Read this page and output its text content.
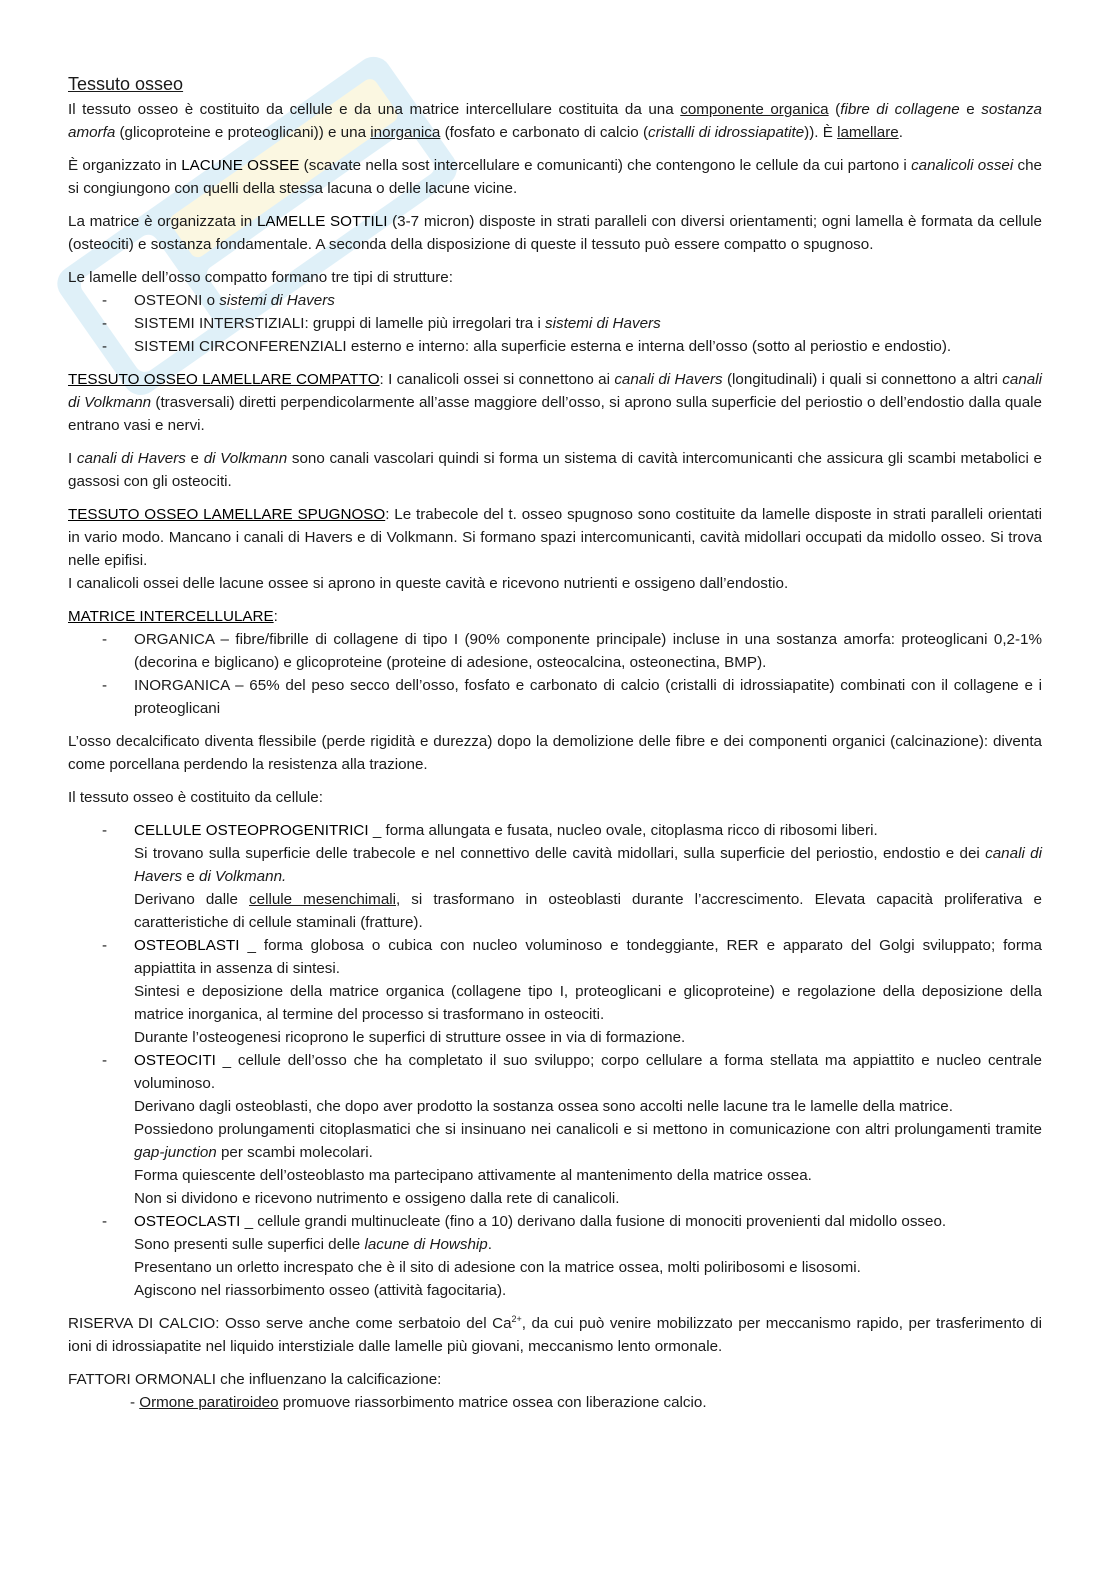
Tessuto osseo

Il tessuto osseo è costituito da cellule e da una matrice intercellulare costituita da una componente organica (fibre di collagene e sostanza amorfa (glicoproteine e proteoglicani)) e una inorganica (fosfato e carbonato di calcio (cristalli di idrossiapatite)). È lamellare.

È organizzato in LACUNE OSSEE (scavate nella sost intercellulare e comunicanti) che contengono le cellule da cui partono i canalicoli ossei che si congiungono con quelli della stessa lacuna o delle lacune vicine.

La matrice è organizzata in LAMELLE SOTTILI (3-7 micron) disposte in strati paralleli con diversi orientamenti; ogni lamella è formata da cellule (osteociti) e sostanza fondamentale. A seconda della disposizione di queste il tessuto può essere compatto o spugnoso.

Le lamelle dell’osso compatto formano tre tipi di strutture:

- OSTEONI o sistemi di Havers
- SISTEMI INTERSTIZIALI: gruppi di lamelle più irregolari tra i sistemi di Havers
- SISTEMI CIRCONFERENZIALI esterno e interno: alla superficie esterna e interna dell’osso (sotto al periostio e endostio).

TESSUTO OSSEO LAMELLARE COMPATTO: I canalicoli ossei si connettono ai canali di Havers (longitudinali) i quali si connettono a altri canali di Volkmann (trasversali) diretti perpendicolarmente all’asse maggiore dell’osso, si aprono sulla superficie del periostio o dell’endostio dalla quale entrano vasi e nervi.

I canali di Havers e di Volkmann sono canali vascolari quindi si forma un sistema di cavità intercomunicanti che assicura gli scambi metabolici e gassosi con gli osteociti.

TESSUTO OSSEO LAMELLARE SPUGNOSO: Le trabecole del t. osseo spugnoso sono costituite da lamelle disposte in strati paralleli orientati in vario modo. Mancano i canali di Havers e di Volkmann. Si formano spazi intercomunicanti, cavità midollari occupati da midollo osseo. Si trova nelle epifisi.

I canalicoli ossei delle lacune ossee si aprono in queste cavità e ricevono nutrienti e ossigeno dall’endostio.

MATRICE INTERCELLULARE:

- ORGANICA – fibre/fibrille di collagene di tipo I (90% componente principale) incluse in una sostanza amorfa: proteoglicani 0,2-1% (decorina e biglicano) e glicoproteine (proteine di adesione, osteocalcina, osteonectina, BMP).
- INORGANICA – 65% del peso secco dell’osso, fosfato e carbonato di calcio (cristalli di idrossiapatite) combinati con il collagene e i proteoglicani

L’osso decalcificato diventa flessibile (perde rigidità e durezza) dopo la demolizione delle fibre e dei componenti organici (calcinazione): diventa come porcellana perdendo la resistenza alla trazione.

Il tessuto osseo è costituito da cellule:

- CELLULE OSTEOPROGENITRICI _ forma allungata e fusata, nucleo ovale, citoplasma ricco di ribosomi liberi.
Si trovano sulla superficie delle trabecole e nel connettivo delle cavità midollari, sulla superficie del periostio, endostio e dei canali di Havers e di Volkmann.
Derivano dalle cellule mesenchimali, si trasformano in osteoblasti durante l’accrescimento. Elevata capacità proliferativa e caratteristiche di cellule staminali (fratture).
- OSTEOBLASTI _ forma globosa o cubica con nucleo voluminoso e tondeggiante, RER e apparato del Golgi sviluppato; forma appiattita in assenza di sintesi.
Sintesi e deposizione della matrice organica (collagene tipo I, proteoglicani e glicoproteine) e regolazione della deposizione della matrice inorganica, al termine del processo si trasformano in osteociti.
Durante l’osteogenesi ricoprono le superfici di strutture ossee in via di formazione.
- OSTEOCITI _ cellule dell’osso che ha completato il suo sviluppo; corpo cellulare a forma stellata ma appiattito e nucleo centrale voluminoso.
Derivano dagli osteoblasti, che dopo aver prodotto la sostanza ossea sono accolti nelle lacune tra le lamelle della matrice.
Possiedono prolungamenti citoplasmatici che si insinuano nei canalicoli e si mettono in comunicazione con altri prolungamenti tramite gap-junction per scambi molecolari.
Forma quiescente dell’osteoblasto ma partecipano attivamente al mantenimento della matrice ossea.
Non si dividono e ricevono nutrimento e ossigeno dalla rete di canalicoli.
- OSTEOCLASTI _ cellule grandi multinucleate (fino a 10) derivano dalla fusione di monociti provenienti dal midollo osseo.
Sono presenti sulle superfici delle lacune di Howship.
Presentano un orletto increspato che è il sito di adesione con la matrice ossea, molti poliribosomi e lisosomi.
Agiscono nel riassorbimento osseo (attività fagocitaria).

RISERVA DI CALCIO: Osso serve anche come serbatoio del $Ca^{2+}$, da cui può venire mobilizzato per meccanismo rapido, per trasferimento di ioni di idrossiapatite nel liquido interstiziale dalle lamelle più giovani, meccanismo lento ormonale.

FATTORI ORMONALI che influenzano la calcificazione:

- Ormone paratiroideo promuove riassorbimento matrice ossea con liberazione calcio.
